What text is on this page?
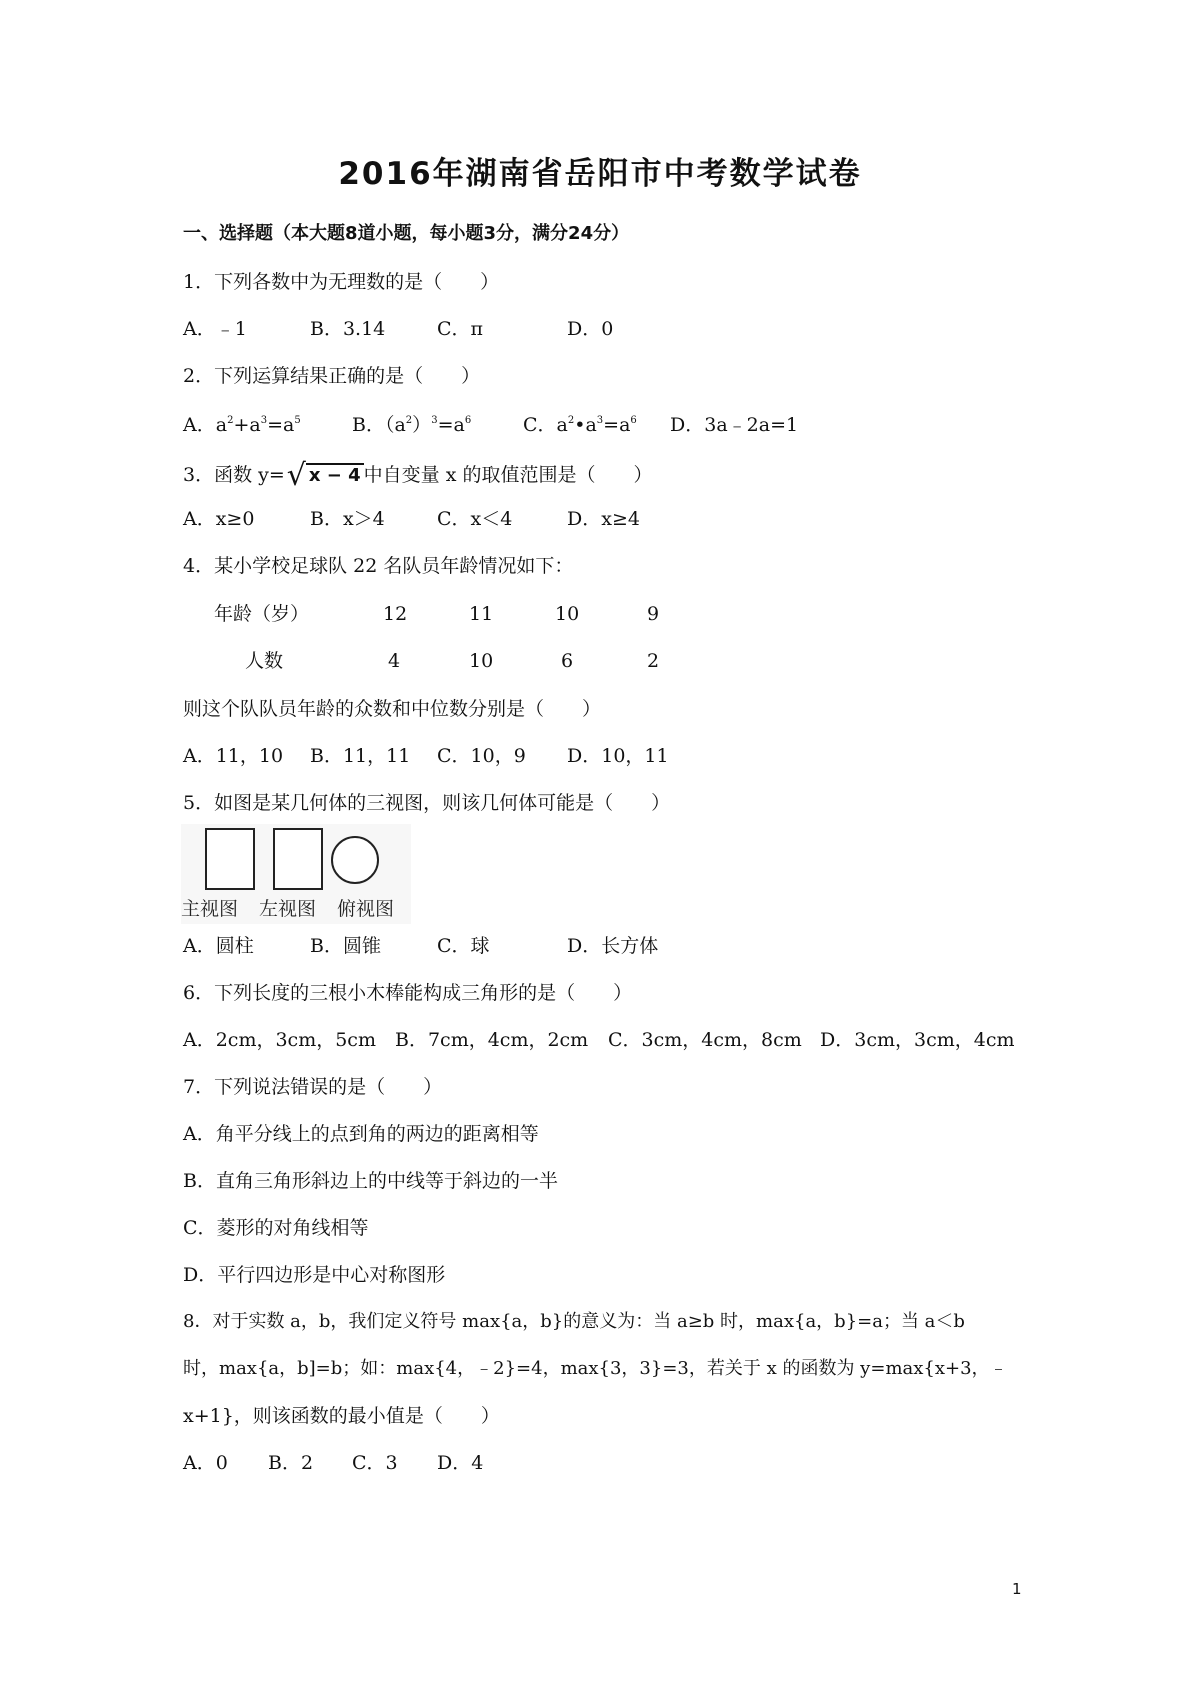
2016年湖南省岳阳市中考数学试卷
一、选择题（本大题8道小题，每小题3分，满分24分）
1．下列各数中为无理数的是（　　）
A．﹣1	B．3.14	C．π	D．0
2．下列运算结果正确的是（　　）
A．$a^2+a^3=a^5$	B．$(a^2)^3=a^6$	C．$a^2•a^3=a^6$ D．3a﹣2a=1
3．函数 y=√ x − 4 中自变量 x 的取值范围是（　　）
A．x≥0	B．x＞4	C．x＜4	D．x≥4
4．某小学校足球队 22 名队员年龄情况如下：
年龄（岁）	12	11	10	9
人数	4	10	6	2
则这个队队员年龄的众数和中位数分别是（　　）
A．11，10 B．11，11 C．10，9 D．10，11
5．如图是某几何体的三视图，则该几何体可能是（　　）
主视图 左视图 俯视图
A．圆柱	B．圆锥	C．球	D．长方体
6．下列长度的三根小木棒能构成三角形的是（　　）
A．2cm，3cm，5cm B．7cm，4cm，2cm C．3cm，4cm，8cm D．3cm，3cm，4cm
7．下列说法错误的是（　　）
A．角平分线上的点到角的两边的距离相等
B．直角三角形斜边上的中线等于斜边的一半
C．菱形的对角线相等
D．平行四边形是中心对称图形
8．对于实数 a，b，我们定义符号 max{a，b}的意义为：当 a≥b 时，max{a，b}=a；当 a＜b
时，max{a，b]=b；如：max{4，﹣2}=4，max{3，3}=3，若关于 x 的函数为 y=max{x+3，﹣
x+1}，则该函数的最小值是（　　）
A．0 B．2 C．3 D．4
1
